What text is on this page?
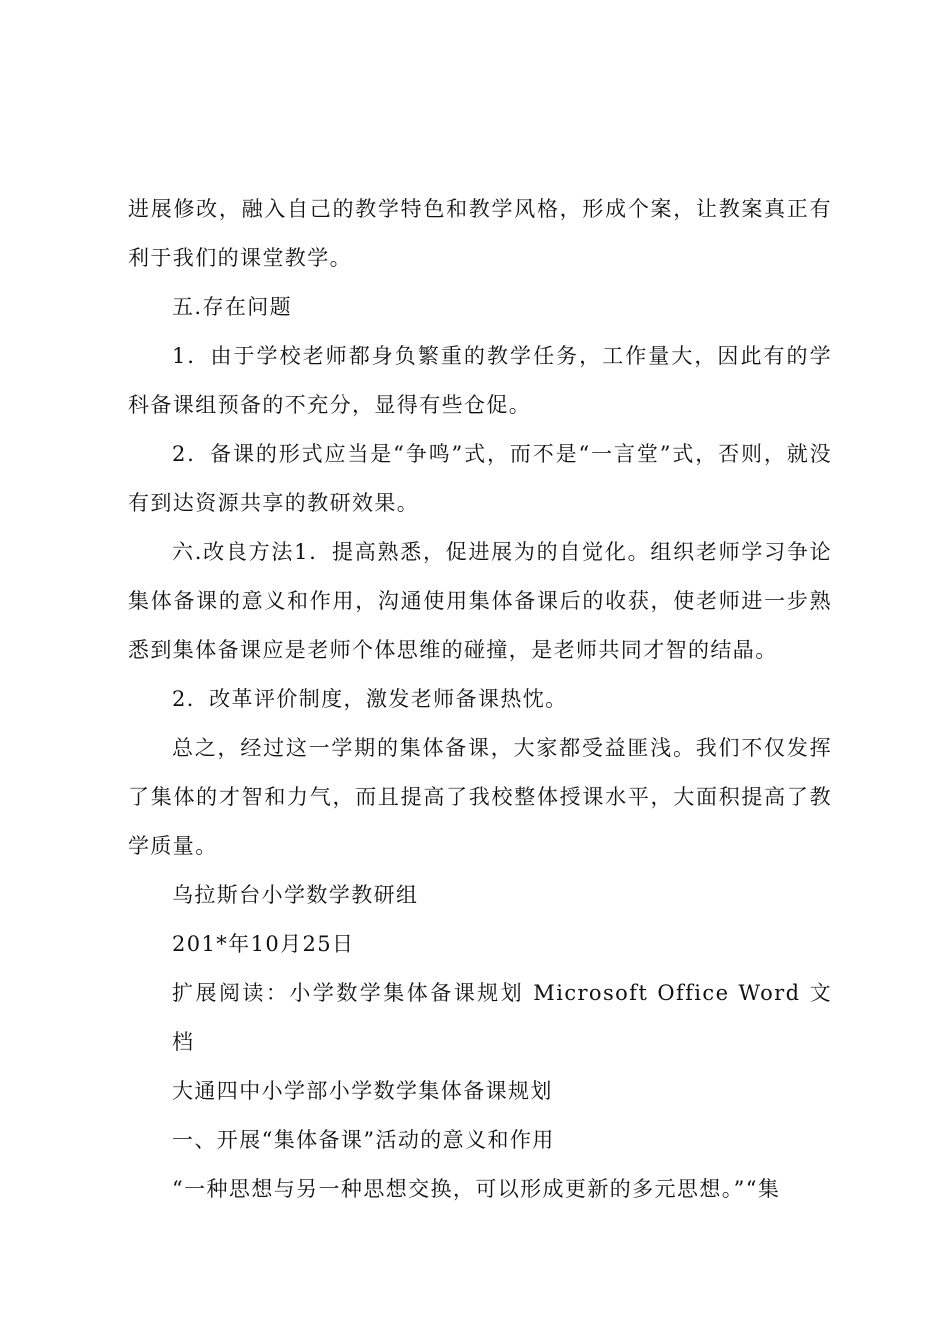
进展修改，融入自己的教学特色和教学风格，形成个案，让教案真正有利于我们的课堂教学。

五.存在问题

1．由于学校老师都身负繁重的教学任务，工作量大，因此有的学科备课组预备的不充分，显得有些仓促。

2．备课的形式应当是“争鸣”式，而不是“一言堂”式，否则，就没有到达资源共享的教研效果。

六.改良方法1．提高熟悉，促进展为的自觉化。组织老师学习争论集体备课的意义和作用，沟通使用集体备课后的收获，使老师进一步熟悉到集体备课应是老师个体思维的碰撞，是老师共同才智的结晶。

2．改革评价制度，激发老师备课热忱。

总之，经过这一学期的集体备课，大家都受益匪浅。我们不仅发挥了集体的才智和力气，而且提高了我校整体授课水平，大面积提高了教学质量。

乌拉斯台小学数学教研组

201*年10月25日

扩展阅读：小学数学集体备课规划 Microsoft Office Word 文档

大通四中小学部小学数学集体备课规划

一、开展“集体备课”活动的意义和作用

“一种思想与另一种思想交换，可以形成更新的多元思想。”“集
